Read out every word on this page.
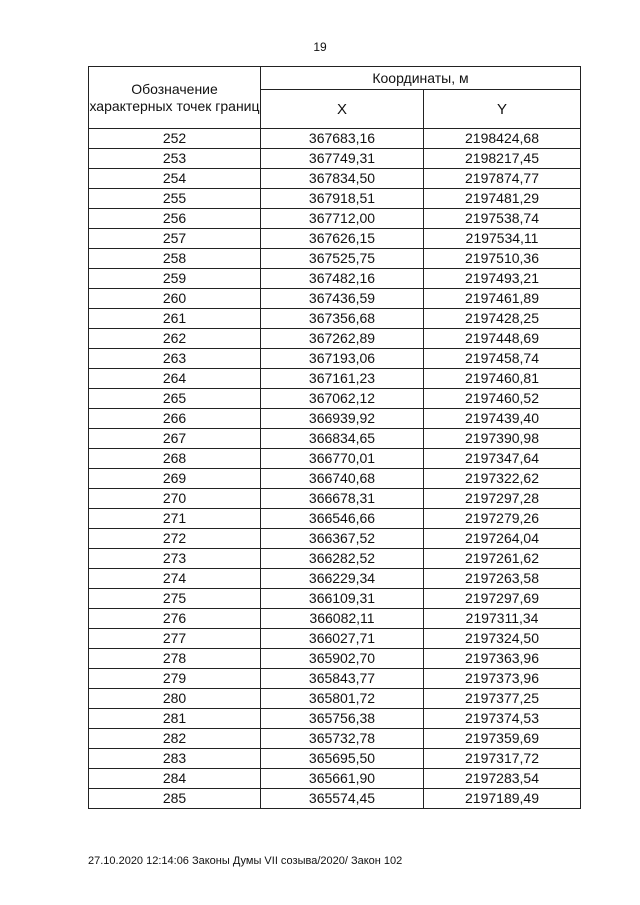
19
Обозначение характерных точек границ	Координаты, м	
	X	Y
252	367683,16	2198424,68
253	367749,31	2198217,45
254	367834,50	2197874,77
255	367918,51	2197481,29
256	367712,00	2197538,74
257	367626,15	2197534,11
258	367525,75	2197510,36
259	367482,16	2197493,21
260	367436,59	2197461,89
261	367356,68	2197428,25
262	367262,89	2197448,69
263	367193,06	2197458,74
264	367161,23	2197460,81
265	367062,12	2197460,52
266	366939,92	2197439,40
267	366834,65	2197390,98
268	366770,01	2197347,64
269	366740,68	2197322,62
270	366678,31	2197297,28
271	366546,66	2197279,26
272	366367,52	2197264,04
273	366282,52	2197261,62
274	366229,34	2197263,58
275	366109,31	2197297,69
276	366082,11	2197311,34
277	366027,71	2197324,50
278	365902,70	2197363,96
279	365843,77	2197373,96
280	365801,72	2197377,25
281	365756,38	2197374,53
282	365732,78	2197359,69
283	365695,50	2197317,72
284	365661,90	2197283,54
285	365574,45	2197189,49
27.10.2020 12:14:06 Законы Думы VII созыва/2020/ Закон 102
